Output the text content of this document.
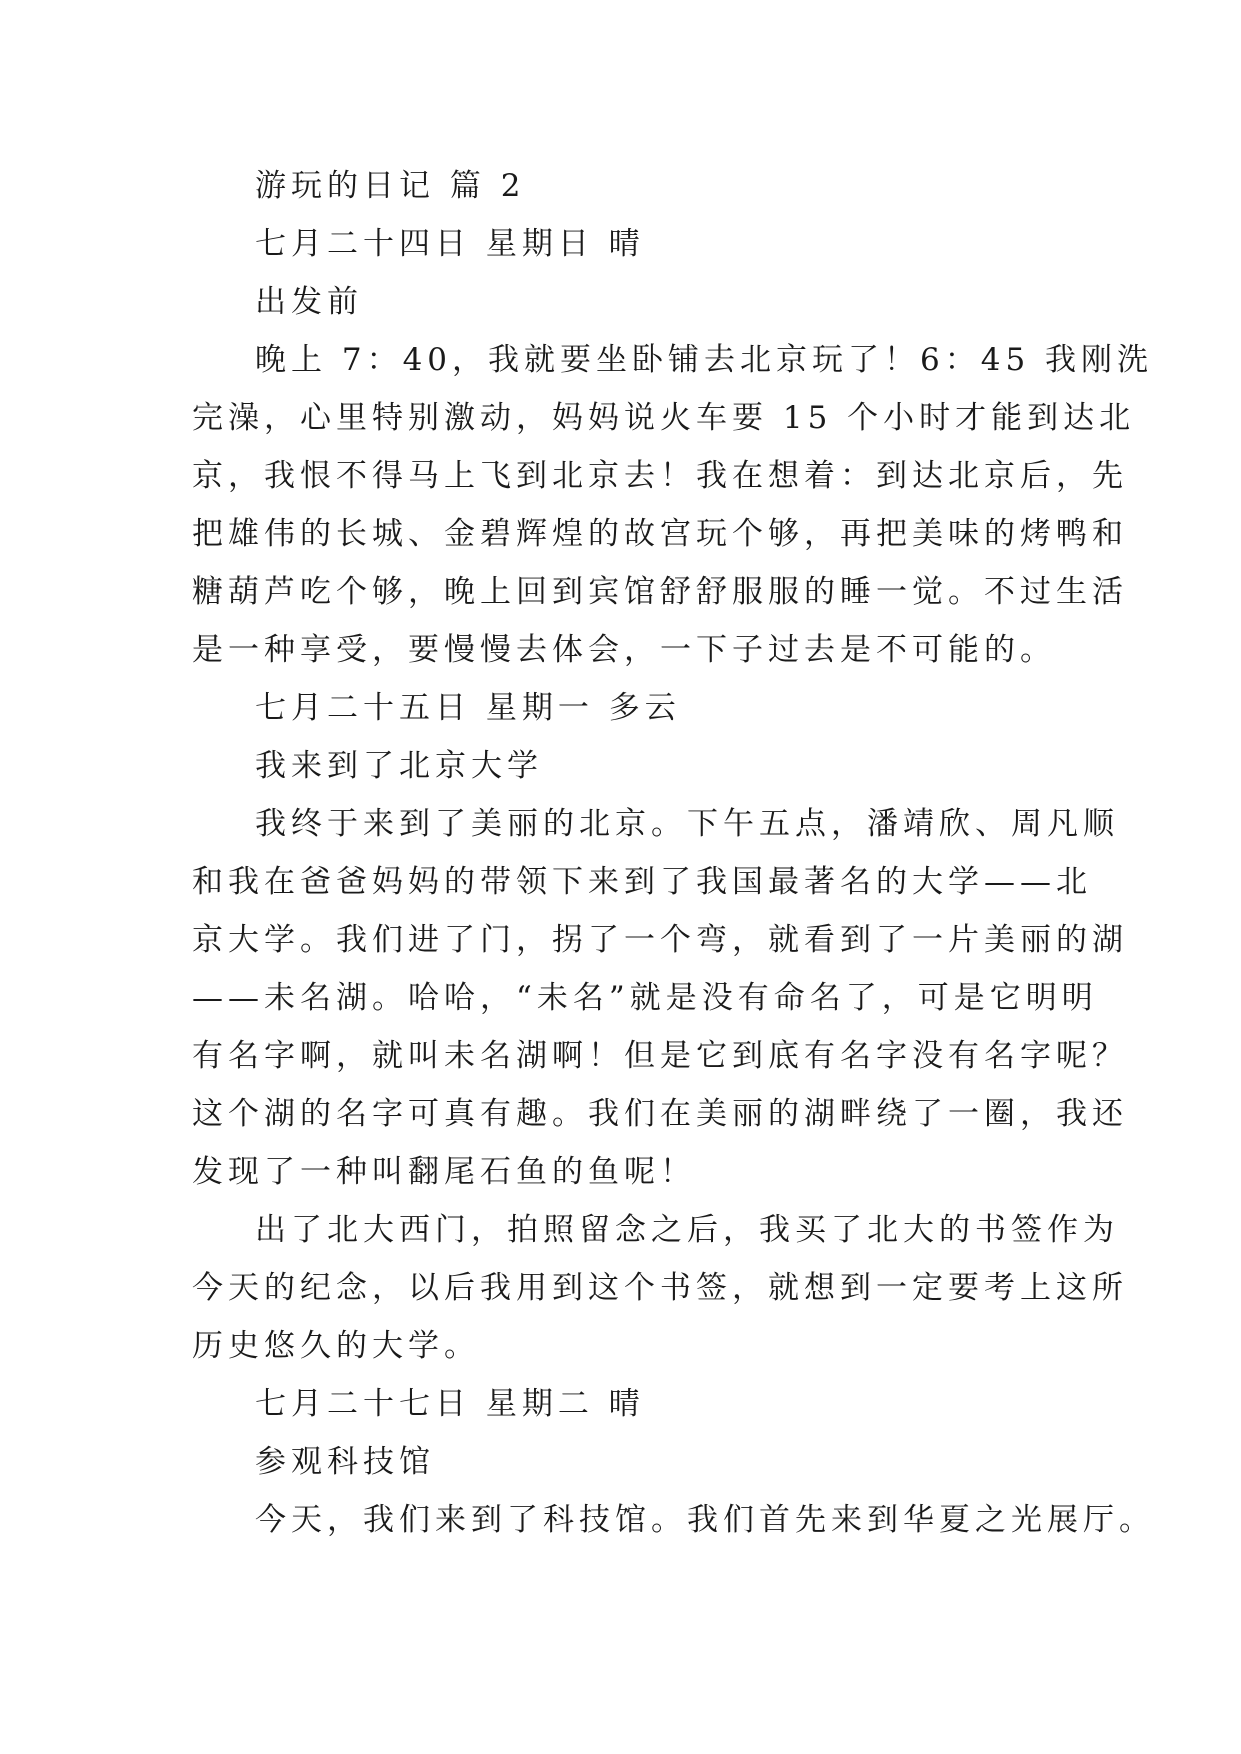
游玩的日记 篇 2
七月二十四日 星期日 晴
出发前
晚上 7：40，我就要坐卧铺去北京玩了！6：45 我刚洗
完澡，心里特别激动，妈妈说火车要 15 个小时才能到达北
京，我恨不得马上飞到北京去！我在想着：到达北京后，先
把雄伟的长城、金碧辉煌的故宫玩个够，再把美味的烤鸭和
糖葫芦吃个够，晚上回到宾馆舒舒服服的睡一觉。不过生活
是一种享受，要慢慢去体会，一下子过去是不可能的。
七月二十五日 星期一 多云
我来到了北京大学
我终于来到了美丽的北京。下午五点，潘靖欣、周凡顺
和我在爸爸妈妈的带领下来到了我国最著名的大学——北
京大学。我们进了门，拐了一个弯，就看到了一片美丽的湖
——未名湖。哈哈，“未名”就是没有命名了，可是它明明
有名字啊，就叫未名湖啊！但是它到底有名字没有名字呢？
这个湖的名字可真有趣。我们在美丽的湖畔绕了一圈，我还
发现了一种叫翻尾石鱼的鱼呢！
出了北大西门，拍照留念之后，我买了北大的书签作为
今天的纪念，以后我用到这个书签，就想到一定要考上这所
历史悠久的大学。
七月二十七日 星期二 晴
参观科技馆
今天，我们来到了科技馆。我们首先来到华夏之光展厅。
